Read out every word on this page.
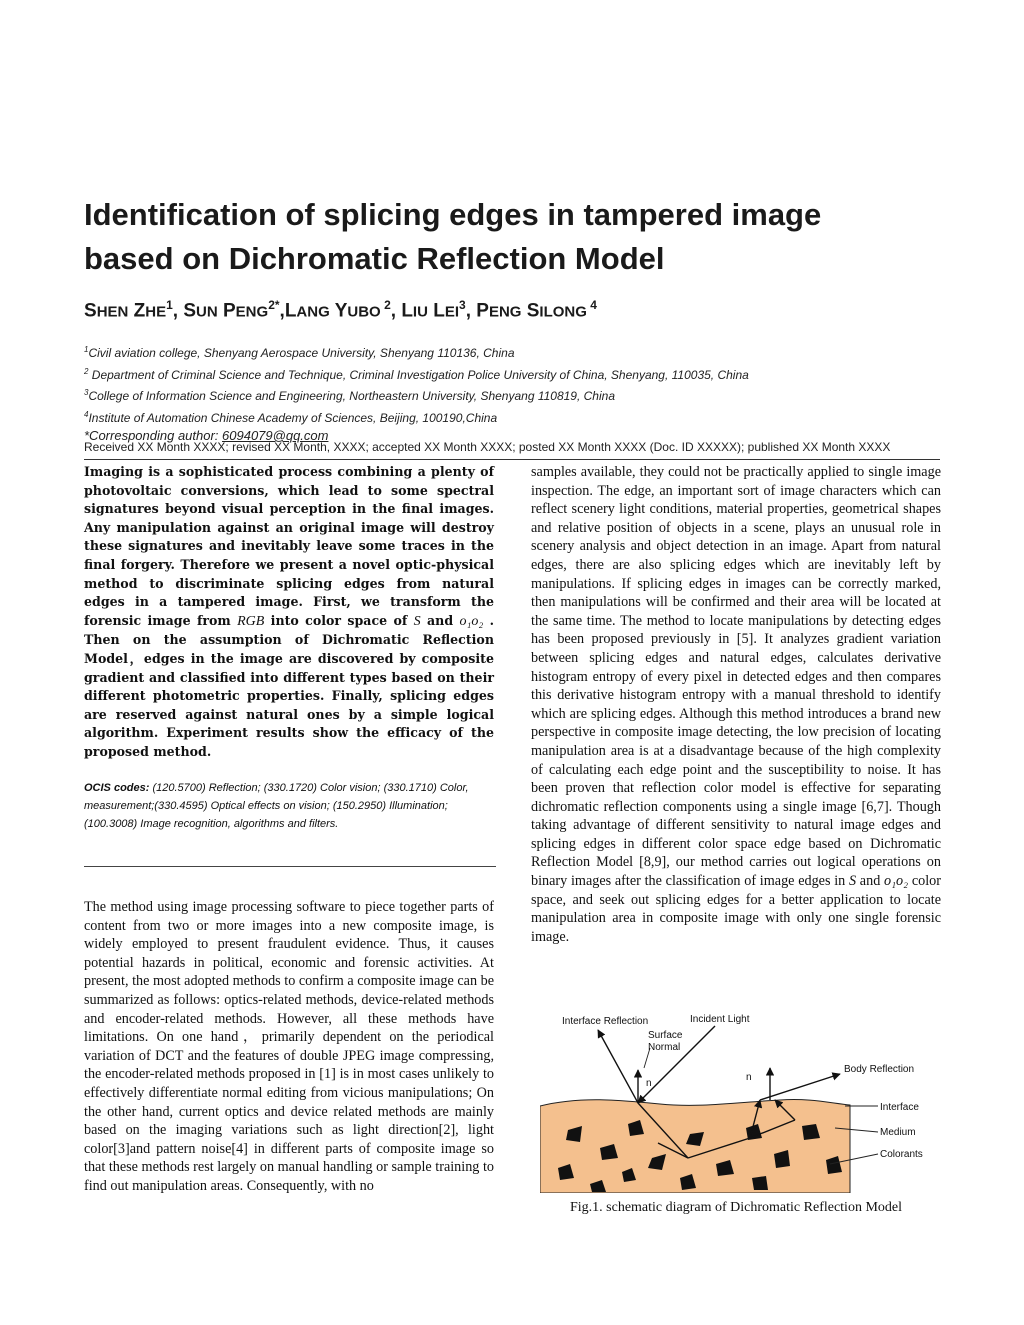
Identification of splicing edges in tampered image
based on Dichromatic Reflection Model
SHEN ZHE$^1$, SUN $PENG^{2*},LANG$ YUBO $^2$, LIU LEI$^3$, PENG SILONG $^4$
$^1$Civil aviation college, Shenyang Aerospace University, Shenyang 110136, China
$^2$ Department of Criminal Science and Technique, Criminal Investigation Police University of China, Shenyang, 110035, China
$^3$College of Information Science and Engineering, Northeastern University, Shenyang 110819, China
$^4$Institute of Automation Chinese Academy of Sciences, Beijing, 100190,China
*Corresponding author: 6094079@qq.com
Received XX Month XXXX; revised XX Month, XXXX; accepted XX Month XXXX; posted XX Month XXXX (Doc. ID XXXXX); published XX Month XXXX
Imaging is a sophisticated process combining a plenty of photovoltaic conversions, which lead to some spectral signatures beyond visual perception in the final images. Any manipulation against an original image will destroy these signatures and inevitably leave some traces in the final forgery. Therefore we present a novel optic-physical method to discriminate splicing edges from natural edges in a tampered image. First, we transform the forensic image from RGB into color space of S and o₁o₂ . Then on the assumption of Dichromatic Reflection Model，edges in the image are discovered by composite gradient and classified into different types based on their different photometric properties. Finally, splicing edges are reserved against natural ones by a simple logical algorithm. Experiment results show the efficacy of the proposed method.
OCIS codes: (120.5700) Reflection; (330.1720) Color vision; (330.1710) Color, measurement;(330.4595) Optical effects on vision; (150.2950) Illumination; (100.3008) Image recognition, algorithms and filters.
The method using image processing software to piece together parts of content from two or more images into a new composite image, is widely employed to present fraudulent evidence. Thus, it causes potential hazards in political, economic and forensic activities. At present, the most adopted methods to confirm a composite image can be summarized as follows: optics-related methods, device-related methods and encoder-related methods. However, all these methods have limitations. On one hand，primarily dependent on the periodical variation of DCT and the features of double JPEG image compressing, the encoder-related methods proposed in [1] is in most cases unlikely to effectively differentiate normal editing from vicious manipulations; On the other hand, current optics and device related methods are mainly based on the imaging variations such as light direction[2], light color[3]and pattern noise[4] in different parts of composite image so that these methods rest largely on manual handling or sample training to find out manipulation areas. Consequently, with no
samples available, they could not be practically applied to single image inspection. The edge, an important sort of image characters which can reflect scenery light conditions, material properties, geometrical shapes and relative position of objects in a scene, plays an unusual role in scenery analysis and object detection in an image. Apart from natural edges, there are also splicing edges which are inevitably left by manipulations. If splicing edges in images can be correctly marked, then manipulations will be confirmed and their area will be located at the same time. The method to locate manipulations by detecting edges has been proposed previously in [5]. It analyzes gradient variation between splicing edges and natural edges, calculates derivative histogram entropy of every pixel in detected edges and then compares this derivative histogram entropy with a manual threshold to identify which are splicing edges. Although this method introduces a brand new perspective in composite image detecting, the low precision of locating manipulation area is at a disadvantage because of the high complexity of calculating each edge point and the susceptibility to noise. It has been proven that reflection color model is effective for separating dichromatic reflection components using a single image [6,7]. Though taking advantage of different sensitivity to natural image edges and splicing edges in different color space edge based on Dichromatic Reflection Model [8,9], our method carries out logical operations on binary images after the classification of image edges in S and o₁o₂ color space, and seek out splicing edges for a better application to locate manipulation area in composite image with only one single forensic image.
Interface Reflection	Incident Light
Surface
Normal
n
n
Body Reflection
Interface
Medium
Colorants
Fig.1. schematic diagram of Dichromatic Reflection Model
